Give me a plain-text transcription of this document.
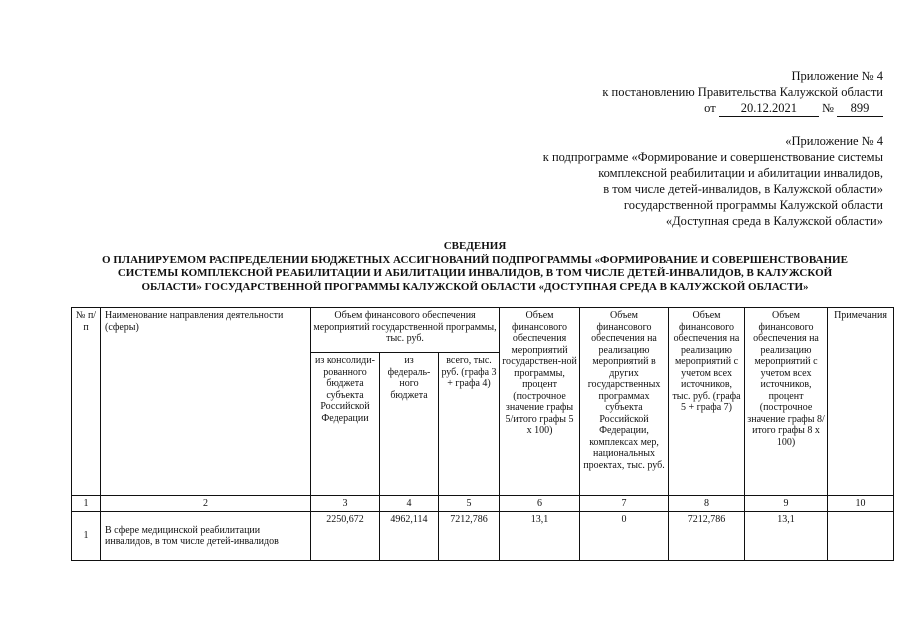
Приложение № 4
к постановлению Правительства Калужской области
от 20.12.2021 № 899
«Приложение № 4
к подпрограмме «Формирование и совершенствование системы
комплексной реабилитации и абилитации инвалидов,
в том числе детей-инвалидов, в Калужской области»
государственной программы Калужской области
«Доступная среда в Калужской области»
СВЕДЕНИЯ
О ПЛАНИРУЕМОМ РАСПРЕДЕЛЕНИИ БЮДЖЕТНЫХ АССИГНОВАНИЙ ПОДПРОГРАММЫ «ФОРМИРОВАНИЕ И СОВЕРШЕНСТВОВАНИЕ
СИСТЕМЫ КОМПЛЕКСНОЙ РЕАБИЛИТАЦИИ И АБИЛИТАЦИИ ИНВАЛИДОВ, В ТОМ ЧИСЛЕ ДЕТЕЙ-ИНВАЛИДОВ, В КАЛУЖСКОЙ
ОБЛАСТИ» ГОСУДАРСТВЕННОЙ ПРОГРАММЫ КАЛУЖСКОЙ ОБЛАСТИ «ДОСТУПНАЯ СРЕДА В КАЛУЖСКОЙ ОБЛАСТИ»
№ п/п	Наименование направления деятельности (сферы)	Объем финансового обеспечения мероприятий государственной программы, тыс. руб.			Объем финансового обеспечения мероприятий государствен-ной программы, процент (построчное значение графы 5/итого графы 5 х 100)	Объем финансового обеспечения на реализацию мероприятий в других государственных программах субъекта Российской Федерации, комплексах мер, национальных проектах, тыс. руб.	Объем финансового обеспечения на реализацию мероприятий с учетом всех источников, тыс. руб. (графа 5 + графа 7)	Объем финансового обеспечения на реализацию мероприятий с учетом всех источников, процент (построчное значение графы 8/итого графы 8 х 100)	Примечания
		из консолиди-рованного бюджета субъекта Российской Федерации	из федераль-ного бюджета	всего, тыс. руб. (графа 3 + графа 4)					
1	2	3	4	5	6	7	8	9	10
1	В сфере медицинской реабилитации инвалидов, в том числе детей-инвалидов	2250,672	4962,114	7212,786	13,1	0	7212,786	13,1	
